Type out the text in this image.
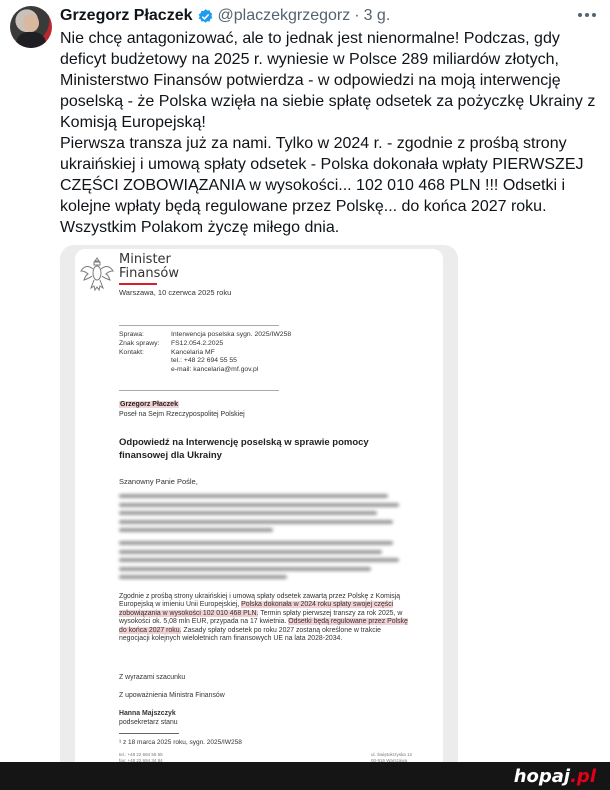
Grzegorz Płaczek @placzekgrzegorz · 3 g.

Nie chcę antagonizować, ale to jednak jest nienormalne! Podczas, gdy deficyt budżetowy na 2025 r. wyniesie w Polsce 289 miliardów złotych, Ministerstwo Finansów potwierdza - w odpowiedzi na moją interwencję poselską - że Polska wzięła na siebie spłatę odsetek za pożyczkę Ukrainy z Komisją Europejską!

Pierwsza transza już za nami. Tylko w 2024 r. - zgodnie z prośbą strony ukraińskiej i umową spłaty odsetek - Polska dokonała wpłaty PIERWSZEJ CZĘŚCI ZOBOWIĄZANIA w wysokości... 102 010 468 PLN !!! Odsetki i kolejne wpłaty będą regulowane przez Polskę... do końca 2027 roku. Wszystkim Polakom życzę miłego dnia.

Minister
Finansów
Warszawa, 10 czerwca 2025 roku
Sprawa:	Interwencja poselska sygn. 2025/IW258
Znak sprawy:	FS12.054.2.2025
Kontakt:	Kancelaria MF
tel.: +48 22 694 55 55
e-mail: kancelaria@mf.gov.pl
Grzegorz Płaczek
Poseł na Sejm Rzeczypospolitej Polskiej
Odpowiedź na Interwencję poselską w sprawie pomocy finansowej dla Ukrainy
Szanowny Panie Pośle,
Zgodnie z prośbą strony ukraińskiej i umową spłaty odsetek zawartą przez Polskę z Komisją Europejską w imieniu Unii Europejskiej, Polska dokonała w 2024 roku spłaty swojej części zobowiązania w wysokości 102 010 468 PLN. Termin spłaty pierwszej transzy za rok 2025, w wysokości ok. 5,08 mln EUR, przypada na 17 kwietnia. Odsetki będą regulowane przez Polskę do końca 2027 roku. Zasady spłaty odsetek po roku 2027 zostaną określone w trakcie negocjacji kolejnych wieloletnich ram finansowych UE na lata 2028-2034.
Z wyrazami szacunku
Z upoważnienia Ministra Finansów
Hanna Majszczyk
podsekretarz stanu
¹ z 18 marca 2025 roku, sygn. 2025/IW258
tel.: +48 22 694 55 55
fax: +48 22 694 34 84
ul. Świętokrzyska 12
00-916 Warszawa
hopaj.pl
